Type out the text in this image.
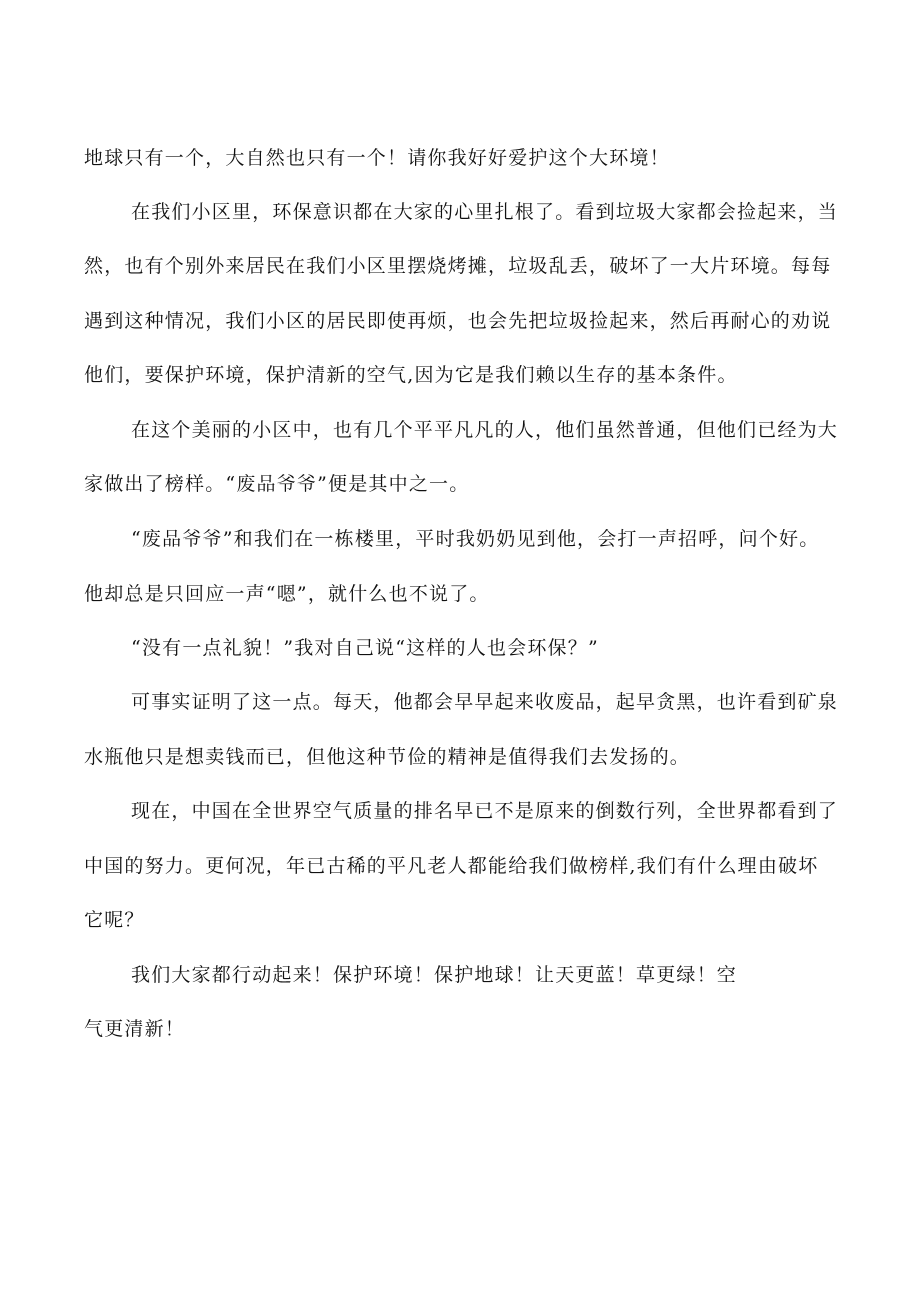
地球只有一个，大自然也只有一个！请你我好好爱护这个大环境！
在我们小区里，环保意识都在大家的心里扎根了。看到垃圾大家都会捡起来，当
然，也有个别外来居民在我们小区里摆烧烤摊，垃圾乱丢，破坏了一大片环境。每每
遇到这种情况，我们小区的居民即使再烦，也会先把垃圾捡起来，然后再耐心的劝说
他们，要保护环境，保护清新的空气,因为它是我们赖以生存的基本条件。
在这个美丽的小区中，也有几个平平凡凡的人，他们虽然普通，但他们已经为大
家做出了榜样。“废品爷爷”便是其中之一。
“废品爷爷”和我们在一栋楼里，平时我奶奶见到他，会打一声招呼，问个好。
他却总是只回应一声“嗯”，就什么也不说了。
“没有一点礼貌！”我对自己说“这样的人也会环保？”
可事实证明了这一点。每天，他都会早早起来收废品，起早贪黑，也许看到矿泉
水瓶他只是想卖钱而已，但他这种节俭的精神是值得我们去发扬的。
现在，中国在全世界空气质量的排名早已不是原来的倒数行列，全世界都看到了
中国的努力。更何况，年已古稀的平凡老人都能给我们做榜样,我们有什么理由破坏
它呢？
我们大家都行动起来！保护环境！保护地球！让天更蓝！草更绿！空
气更清新！
